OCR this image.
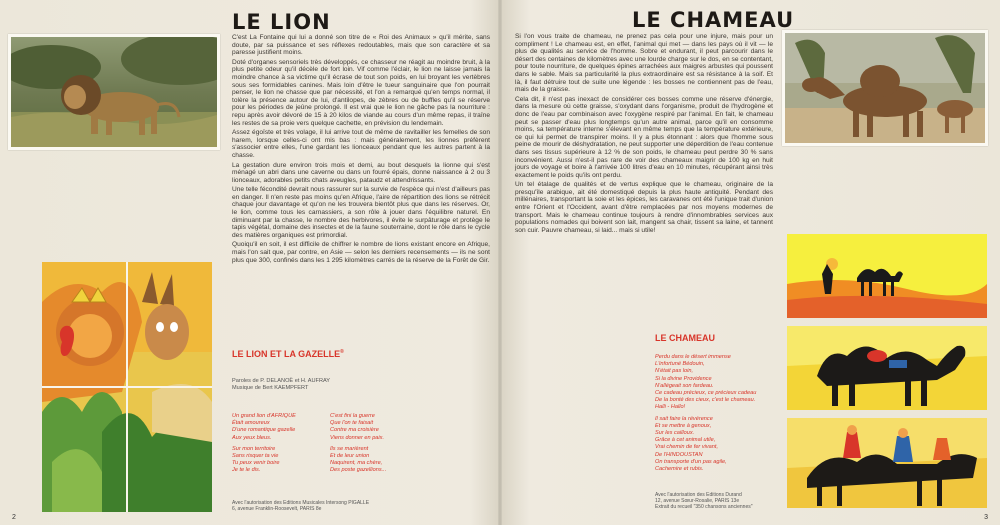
LE LION

C'est La Fontaine qui lui a donné son titre de « Roi des Animaux » qu'il mérite, sans doute, par sa puissance et ses réflexes redoutables, mais que son caractère et sa paresse justifient moins.

Doté d'organes sensoriels très développés, ce chasseur ne réagit au moindre bruit, à la plus petite odeur qu'il décèle de fort loin. Vif comme l'éclair, le lion ne laisse jamais la moindre chance à sa victime qu'il écrase de tout son poids, en lui broyant les vertèbres sous ses formidables canines. Mais loin d'être le tueur sanguinaire que l'on pourrait penser, le lion ne chasse que par nécessité, et l'on a remarqué qu'en temps normal, il tolère la présence autour de lui, d'antilopes, de zèbres ou de buffles qu'il se réserve pour les périodes de jeûne prolongé. Il est vrai que le lion ne gâche pas la nourriture : repu après avoir dévoré de 15 à 20 kilos de viande au cours d'un même repas, il traîne les restes de sa proie vers quelque cachette, en prévision du lendemain.

Assez égoïste et très volage, il lui arrive tout de même de ravitailler les femelles de son harem, lorsque celles-ci ont mis bas : mais généralement, les lionnes préfèrent s'associer entre elles, l'une gardant les lionceaux pendant que les autres partent à la chasse.

La gestation dure environ trois mois et demi, au bout desquels la lionne qui s'est ménagé un abri dans une caverne ou dans un fourré épais, donne naissance à 2 ou 3 lionceaux, adorables petits chats aveugles, pataudz et attendrissants.

Une telle fécondité devrait nous rassurer sur la survie de l'espèce qui n'est d'ailleurs pas en danger. Il n'en reste pas moins qu'en Afrique, l'aire de répartition des lions se rétrécit chaque jour davantage et qu'on ne les trouvera bientôt plus que dans les réserves. Or, le lion, comme tous les carnassiers, a son rôle à jouer dans l'équilibre naturel. En diminuant par la chasse, le nombre des herbivores, il évite le surpâturage et protège le tapis végétal, domaine des insectes et de la faune souterraine, dont le rôle dans le cycle des matières organiques est primordial.

Quoiqu'il en soit, il est difficile de chiffrer le nombre de lions existant encore en Afrique, mais l'on sait que, par contre, en Asie — selon les derniers recensements — ils ne sont plus que 300, confinés dans les 1 295 kilomètres carrés de la réserve de la Forêt de Gir.

LE LION ET LA GAZELLE®
Paroles de P. DELANOË et H. AUFRAY
Musique de Bert KAEMPFERT
Un grand lion d'AFRIQUE
Était amoureux
D'une romantique gazelle
Aux yeux bleus.
Sur mon territoire
Sans risquer ta vie
Tu peux venir boire
Je te le dis.
C'est fini la guerre
Que l'on te faisait
Contre ma croisière
Viens donner en paix.
Ils se marièrent
Et de leur union
Naquirent, ma chère,
Des poste gazellions...
Avec l'autorisation des Editions Musicales Intersong PIGALLE
6, avenue Franklin-Roosevelt, PARIS 8e
2
LE CHAMEAU

Si l'on vous traite de chameau, ne prenez pas cela pour une injure, mais pour un compliment ! Le chameau est, en effet, l'animal qui met — dans les pays où il vit — le plus de qualités au service de l'homme. Sobre et endurant, il peut parcourir dans le désert des centaines de kilomètres avec une lourde charge sur le dos, en se contentant, pour toute nourriture, de quelques épines arrachées aux maigres arbustes qui poussent dans le sable. Mais sa particularité la plus extraordinaire est sa résistance à la soif. Et là, il faut détruire tout de suite une légende : les bosses ne contiennent pas de l'eau, mais de la graisse.

Cela dit, il n'est pas inexact de considérer ces bosses comme une réserve d'énergie, dans la mesure où cette graisse, s'oxydant dans l'organisme, produit de l'hydrogène et donc de l'eau par combinaison avec l'oxygène respiré par l'animal. En fait, le chameau peut se passer d'eau plus longtemps qu'un autre animal, parce qu'il en consomme moins, sa température interne s'élevant en même temps que la température extérieure, ce qui lui permet de transpirer moins. Il y a plus étonnant : alors que l'homme sous peine de mourir de déshydratation, ne peut supporter une déperdition de l'eau contenue dans ses tissus supérieure à 12 % de son poids, le chameau peut perdre 30 % sans inconvénient. Aussi n'est-il pas rare de voir des chameaux maigrir de 100 kg en huit jours de voyage et boire à l'arrivée 100 litres d'eau en 10 minutes, récupérant ainsi très exactement le poids qu'ils ont perdu.

Un tel étalage de qualités et de vertus explique que le chameau, originaire de la presqu'île arabique, ait été domestiqué depuis la plus haute antiquité. Pendant des millénaires, transportant la soie et les épices, les caravanes ont été l'unique trait d'union entre l'Orient et l'Occident, avant d'être remplacées par nos moyens modernes de transport. Mais le chameau continue toujours à rendre d'innombrables services aux populations nomades qui boivent son lait, mangent sa chair, tissent sa laine, et tannent son cuir. Pauvre chameau, si laid... mais si utile!

LE CHAMEAU
Perdu dans le désert immense
L'infortuné Bédouin,
N'était pas loin,
Si la divine Providence
N'allégeait son fardeau.
Ce cadeau précieux, ce précieux cadeau
De la bonté des cieux, c'est le chameau.
Halli - Hallo!
Il sait faire la révérence
Et se mettre à genoux,
Sur les cailloux.
Grâce à cet animal utile,
Vrai chemin de fer vivant,
De l'HINDOUSTAN
On transporte d'un pas agile,
Cachemire et rubis.
Avec l'autorisation des Editions Durand
12, avenue Sœur-Rosalie, PARIS 13e
Extrait du recueil "350 chansons anciennes"
3
